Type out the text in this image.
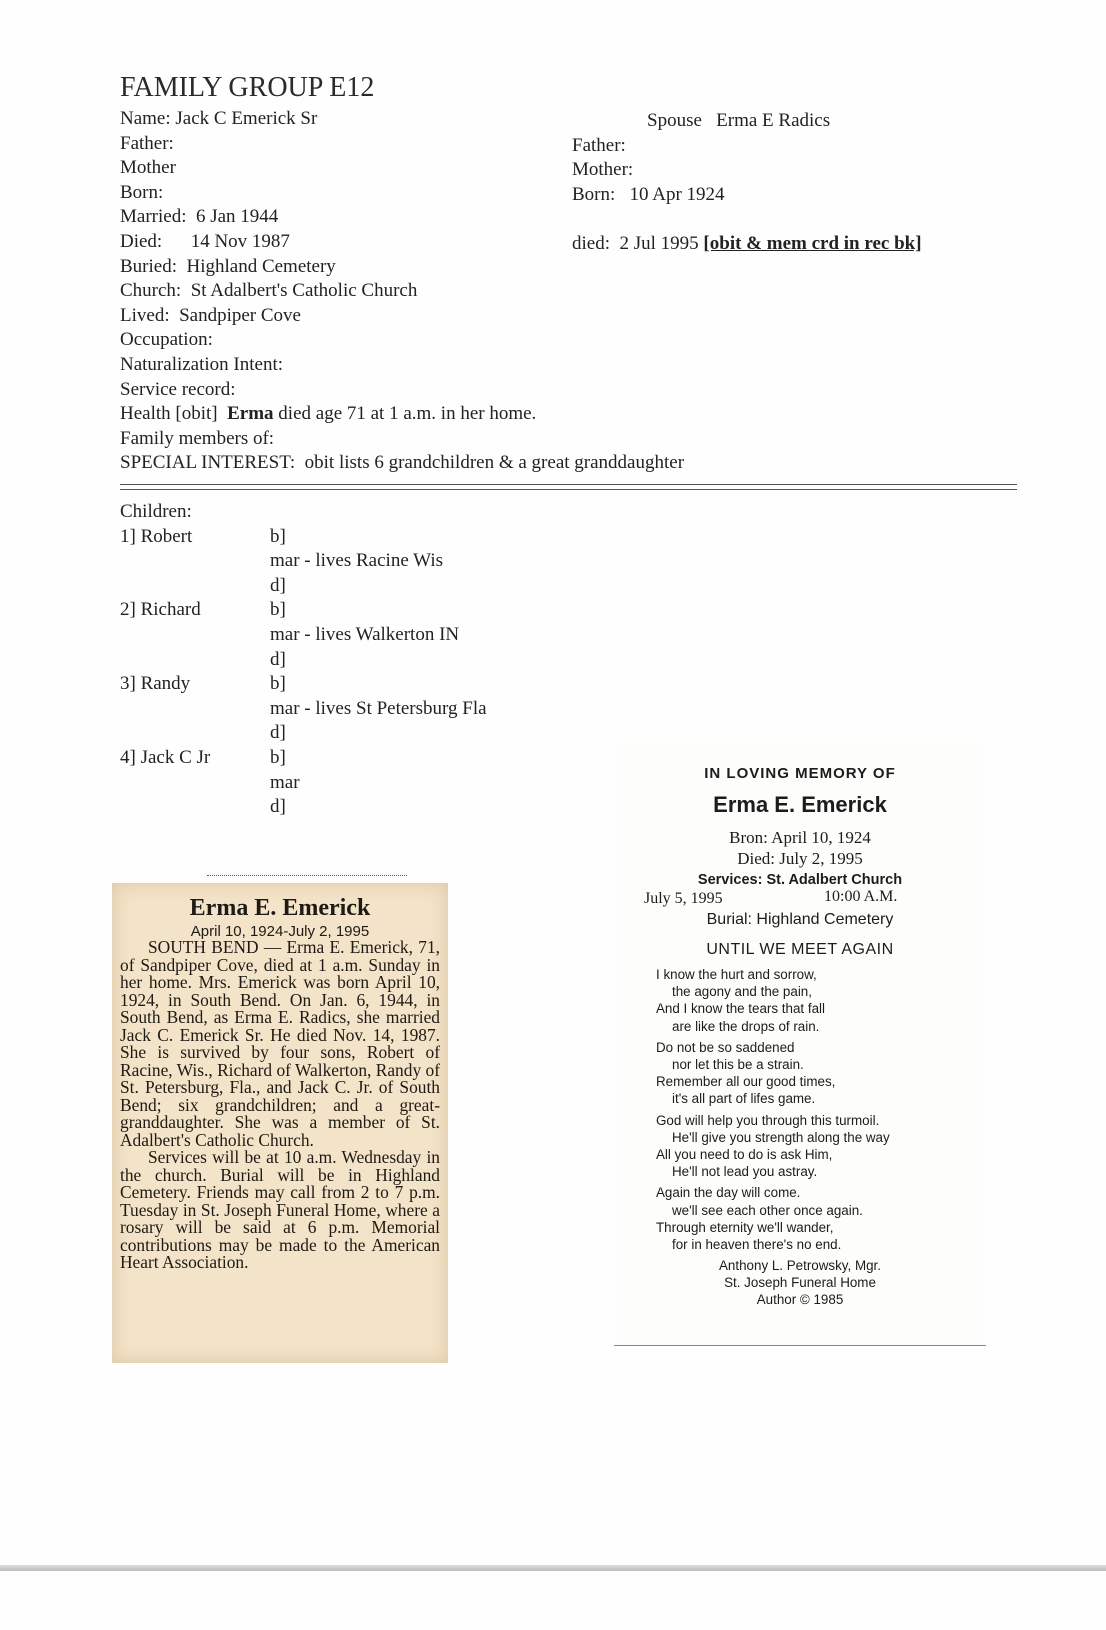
FAMILY GROUP E12
Name: Jack C Emerick Sr
Father:
Mother
Born:
Married:  6 Jan 1944
Died:      14 Nov 1987
Buried:  Highland Cemetery
Church:  St Adalbert's Catholic Church
Lived:  Sandpiper Cove
Occupation:
Naturalization Intent:
Service record:
Health [obit]  Erma died age 71 at 1 a.m. in her home.
Family members of:
SPECIAL INTEREST:  obit lists 6 grandchildren & a great granddaughter
Spouse   Erma E Radics
Father:
Mother:
Born:   10 Apr 1924
died:  2 Jul 1995 [obit & mem crd in rec bk]
Children:
1] Robert	b]
mar - lives Racine Wis
d]
2] Richard	b]
mar - lives Walkerton IN
d]
3] Randy	b]
mar - lives St Petersburg Fla
d]
4] Jack C Jr	b]
mar
d]
Erma E. Emerick
April 10, 1924-July 2, 1995

SOUTH BEND — Erma E. Emerick, 71, of Sandpiper Cove, died at 1 a.m. Sunday in her home. Mrs. Emerick was born April 10, 1924, in South Bend. On Jan. 6, 1944, in South Bend, as Erma E. Radics, she married Jack C. Emerick Sr. He died Nov. 14, 1987. She is survived by four sons, Robert of Racine, Wis., Richard of Walkerton, Randy of St. Petersburg, Fla., and Jack C. Jr. of South Bend; six grandchildren; and a great-granddaughter. She was a member of St. Adalbert's Catholic Church.

Services will be at 10 a.m. Wednesday in the church. Burial will be in Highland Cemetery. Friends may call from 2 to 7 p.m. Tuesday in St. Joseph Funeral Home, where a rosary will be said at 6 p.m. Memorial contributions may be made to the American Heart Association.

IN LOVING MEMORY OF
Erma E. Emerick
Bron: April 10, 1924
Died: July 2, 1995
Services: St. Adalbert Church
July 5, 1995	10:00 A.M.
Burial: Highland Cemetery
UNTIL WE MEET AGAIN
I know the hurt and sorrow,
the agony and the pain,
And I know the tears that fall
are like the drops of rain.
Do not be so saddened
nor let this be a strain.
Remember all our good times,
it's all part of lifes game.
God will help you through this turmoil.
He'll give you strength along the way
All you need to do is ask Him,
He'll not lead you astray.
Again the day will come.
we'll see each other once again.
Through eternity we'll wander,
for in heaven there's no end.
Anthony L. Petrowsky, Mgr.
St. Joseph Funeral Home
Author © 1985
